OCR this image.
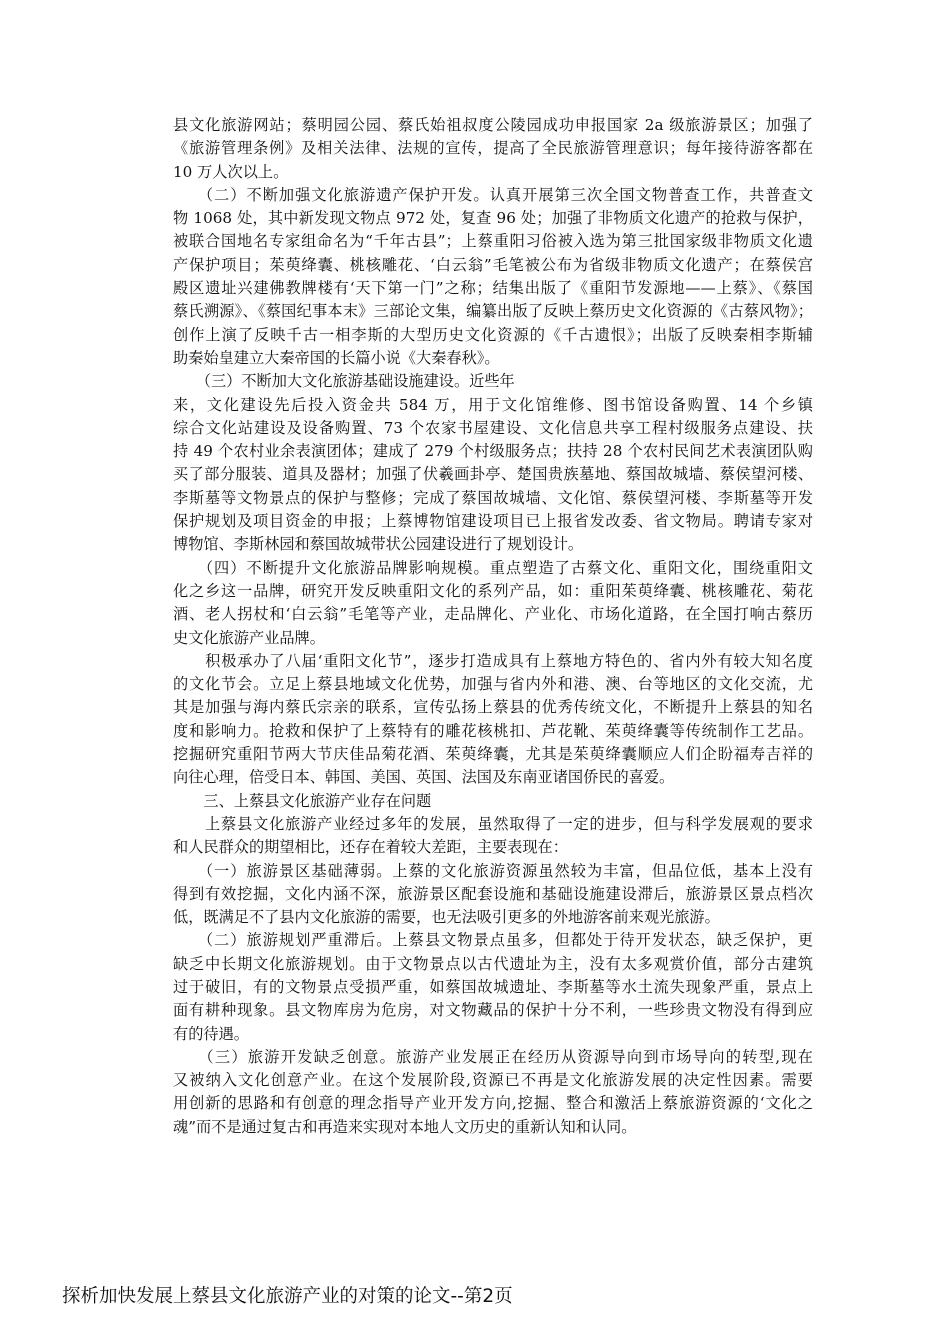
县文化旅游网站；蔡明园公园、蔡氏始祖叔度公陵园成功申报国家 2a 级旅游景区；加强了
《旅游管理条例》及相关法律、法规的宣传，提高了全民旅游管理意识；每年接待游客都在
10 万人次以上。
　　（二）不断加强文化旅游遗产保护开发。认真开展第三次全国文物普查工作，共普查文
物 1068 处，其中新发现文物点 972 处，复查 96 处；加强了非物质文化遗产的抢救与保护，
被联合国地名专家组命名为“千年古县”；上蔡重阳习俗被入选为第三批国家级非物质文化遗
产保护项目；茱萸绛囊、桃核雕花、‘白云翁”毛笔被公布为省级非物质文化遗产；在蔡侯宫
殿区遗址兴建佛教牌楼有‘天下第一门”之称；结集出版了《重阳节发源地——上蔡》、《蔡国
蔡氏溯源》、《蔡国纪事本末》三部论文集，编纂出版了反映上蔡历史文化资源的《古蔡风物》；
创作上演了反映千古一相李斯的大型历史文化资源的《千古遗恨》；出版了反映秦相李斯辅
助秦始皇建立大秦帝国的长篇小说《大秦春秋》。
　　（三）不断加大文化旅游基础设施建设。近些年
来，文化建设先后投入资金共 584 万，用于文化馆维修、图书馆设备购置、14 个乡镇
综合文化站建设及设备购置、73 个农家书屋建设、文化信息共享工程村级服务点建设、扶
持 49 个农村业余表演团体；建成了 279 个村级服务点；扶持 28 个农村民间艺术表演团队购
买了部分服装、道具及器材；加强了伏羲画卦亭、楚国贵族墓地、蔡国故城墙、蔡侯望河楼、
李斯墓等文物景点的保护与整修；完成了蔡国故城墙、文化馆、蔡侯望河楼、李斯墓等开发
保护规划及项目资金的申报；上蔡博物馆建设项目已上报省发改委、省文物局。聘请专家对
博物馆、李斯林园和蔡国故城带状公园建设进行了规划设计。
　　（四）不断提升文化旅游品牌影响规模。重点塑造了古蔡文化、重阳文化，围绕重阳文
化之乡这一品牌，研究开发反映重阳文化的系列产品，如：重阳茱萸绛囊、桃核雕花、菊花
酒、老人拐杖和‘白云翁”毛笔等产业，走品牌化、产业化、市场化道路，在全国打响古蔡历
史文化旅游产业品牌。
　　积极承办了八届‘重阳文化节”，逐步打造成具有上蔡地方特色的、省内外有较大知名度
的文化节会。立足上蔡县地域文化优势，加强与省内外和港、澳、台等地区的文化交流，尤
其是加强与海内蔡氏宗亲的联系，宣传弘扬上蔡县的优秀传统文化，不断提升上蔡县的知名
度和影响力。抢救和保护了上蔡特有的雕花核桃扣、芦花靴、茱萸绛囊等传统制作工艺品。
挖掘研究重阳节两大节庆佳品菊花酒、茱萸绛囊，尤其是茱萸绛囊顺应人们企盼福寿吉祥的
向往心理，倍受日本、韩国、美国、英国、法国及东南亚诸国侨民的喜爱。
　　三、上蔡县文化旅游产业存在问题
　　上蔡县文化旅游产业经过多年的发展，虽然取得了一定的进步，但与科学发展观的要求
和人民群众的期望相比，还存在着较大差距，主要表现在：
　　（一）旅游景区基础薄弱。上蔡的文化旅游资源虽然较为丰富，但品位低，基本上没有
得到有效挖掘，文化内涵不深，旅游景区配套设施和基础设施建设滞后，旅游景区景点档次
低，既满足不了县内文化旅游的需要，也无法吸引更多的外地游客前来观光旅游。
　　（二）旅游规划严重滞后。上蔡县文物景点虽多，但都处于待开发状态，缺乏保护，更
缺乏中长期文化旅游规划。由于文物景点以古代遗址为主，没有太多观赏价值，部分古建筑
过于破旧，有的文物景点受损严重，如蔡国故城遗址、李斯墓等水土流失现象严重，景点上
面有耕种现象。县文物库房为危房，对文物藏品的保护十分不利，一些珍贵文物没有得到应
有的待遇。
　　（三）旅游开发缺乏创意。旅游产业发展正在经历从资源导向到市场导向的转型,现在
又被纳入文化创意产业。在这个发展阶段,资源已不再是文化旅游发展的决定性因素。需要
用创新的思路和有创意的理念指导产业开发方向,挖掘、整合和激活上蔡旅游资源的‘文化之
魂”而不是通过复古和再造来实现对本地人文历史的重新认知和认同。
探析加快发展上蔡县文化旅游产业的对策的论文--第2页
